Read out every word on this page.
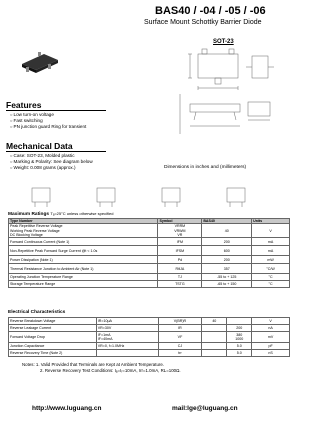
BAS40 / -04 / -05 / -06
Surface Mount Schottky Barrier Diode
SOT-23
Dimensions in inches and (millimeters)
Features
○ Low turn-on voltage
○ Fast switching
○ PN junction guard Ring for transient
Mechanical Data
○ Case: SOT-23, Molded plastic
○ Marking & Polarity: See diagram below
○ Weight: 0.008 grams (approx.)
Maximum Ratings Tₐ=25°C unless otherwise specified
Type Number	Symbol	BAS40	Units
Peak Repetitive Reverse Voltage
Working Peak Reverse Voltage
DC Blocking Voltage	VRRM
VRWM
VR	40	V
Forward Continuous Current (Note 1)	IFM	200	mA
Non-Repetitive Peak Forward Surge Current @t < 1.0s	IFSM	600	mA
Power Dissipation (Note 1)	Pd	200	mW
Thermal Resistance Junction to Ambient Air (Note 1)	RθJA	357	°C/W
Operating Junction Temperature Range	TJ	-55 to + 125	°C
Storage Temperature Range	TSTG	-65 to + 150	°C
Electrical Characteristics
Reverse Breakdown Voltage	IR=10μA	V(BR)R	40		V
Reverse Leakage Current	VR=30V	IR		200	nA
Forward Voltage Drop	IF=1mA
IF=40mA	VF		380
1000	mV
Junction Capacitance	VR=0, f=1.0MHz	CJ		5.0	pF
Reverse Recovery Time (Note 2)		trr		5.0	nS
Notes: 1. Valid Provided that Terminals are Kept at Ambient Temperature.
2. Reverse Recovery Test Conditions: Iₐ=Iᵣ=10mA, Irr=1.0mA, RL=100Ω.
http://www.luguang.cn	mail:lge@luguang.cn
